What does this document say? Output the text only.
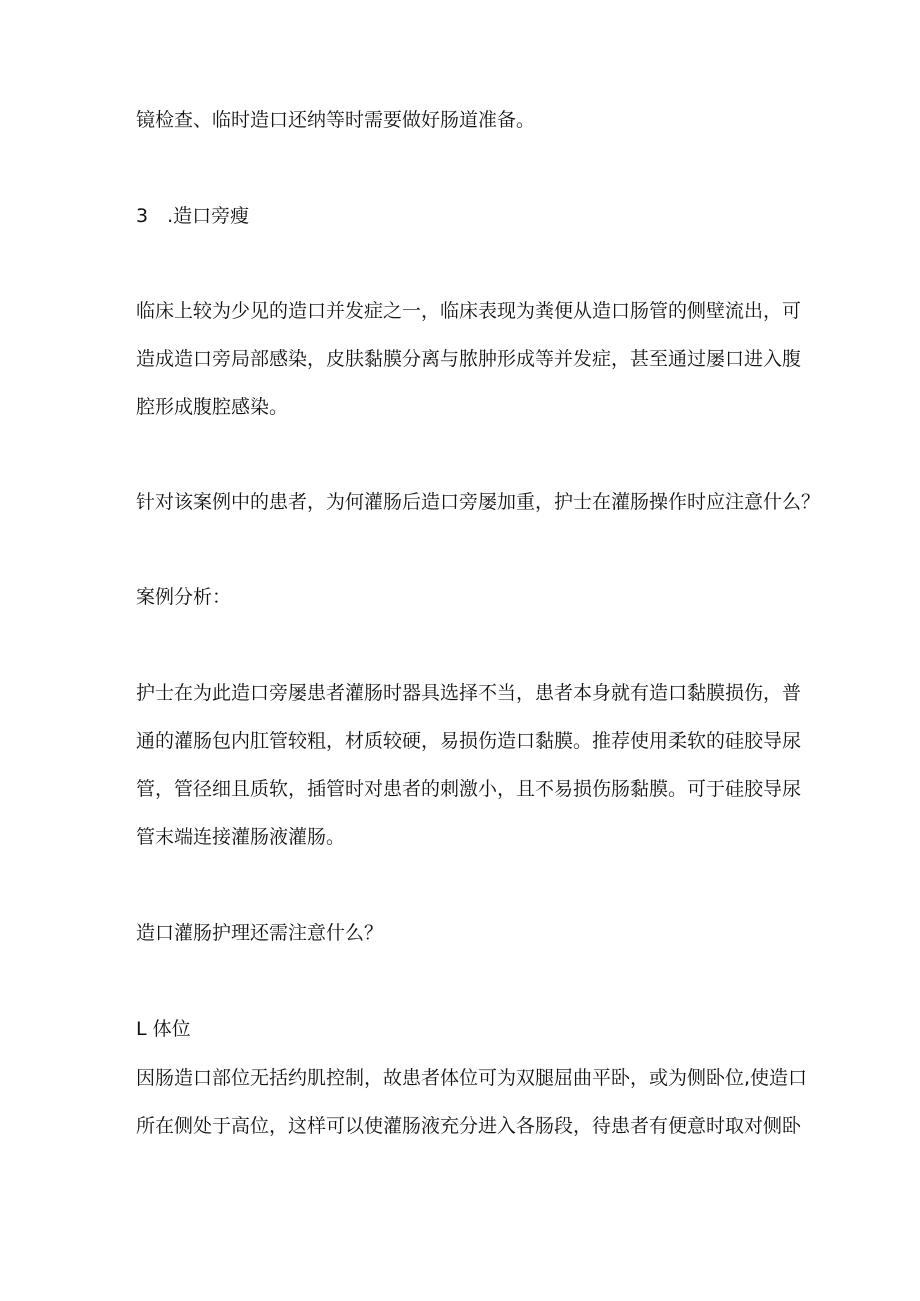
镜检查、临时造口还纳等时需要做好肠道准备。
3　.造口旁瘦
临床上较为少见的造口并发症之一，临床表现为粪便从造口肠管的侧壁流出，可
造成造口旁局部感染，皮肤黏膜分离与脓肿形成等并发症，甚至通过屡口进入腹
腔形成腹腔感染。
针对该案例中的患者，为何灌肠后造口旁屡加重，护士在灌肠操作时应注意什么？
案例分析：
护士在为此造口旁屡患者灌肠时器具选择不当，患者本身就有造口黏膜损伤，普
通的灌肠包内肛管较粗，材质较硬，易损伤造口黏膜。推荐使用柔软的硅胶导尿
管，管径细且质软，插管时对患者的刺激小，且不易损伤肠黏膜。可于硅胶导尿
管末端连接灌肠液灌肠。
造口灌肠护理还需注意什么？
L 体位
因肠造口部位无括约肌控制，故患者体位可为双腿屈曲平卧，或为侧卧位,使造口
所在侧处于高位，这样可以使灌肠液充分进入各肠段，待患者有便意时取对侧卧
